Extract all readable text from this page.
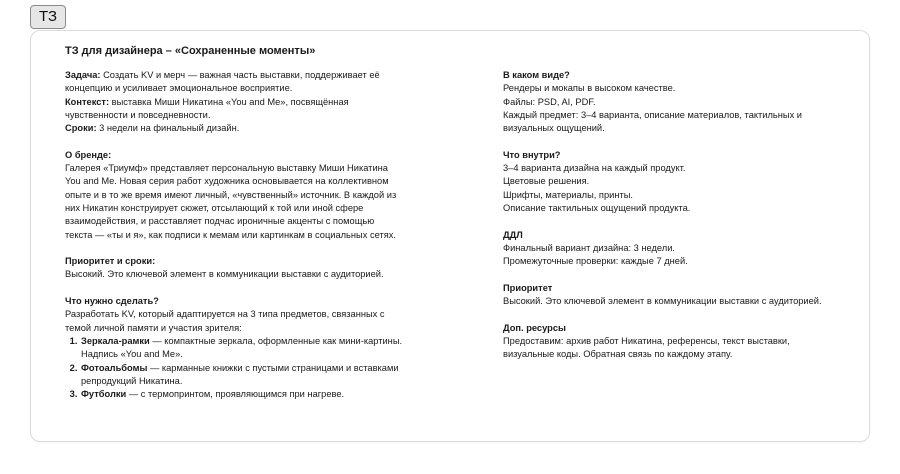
ТЗ
ТЗ для дизайнера – «Сохраненные моменты»
Задача: Создать KV и мерч — важная часть выставки, поддерживает её концепцию и усиливает эмоциональное восприятие.
Контекст: выставка Миши Никатина «You and Me», посвящённая чувственности и повседневности.
Сроки: 3 недели на финальный дизайн.
О бренде:
Галерея «Триумф» представляет персональную выставку Миши Никатина You and Me. Новая серия работ художника основывается на коллективном опыте и в то же время имеют личный, «чувственный» источник. В каждой из них Никатин конструирует сюжет, отсылающий к той или иной сфере взаимодействия, и расставляет подчас ироничные акценты с помощью текста — «ты и я», как подписи к мемам или картинкам в социальных сетях.
Приоритет и сроки:
Высокий. Это ключевой элемент в коммуникации выставки с аудиторией.
Что нужно сделать?
Разработать KV, который адаптируется на 3 типа предметов, связанных с темой личной памяти и участия зрителя:
1. Зеркала-рамки — компактные зеркала, оформленные как мини-картины. Надпись «You and Me».
2. Фотоальбомы — карманные книжки с пустыми страницами и вставками репродукций Никатина.
3. Футболки — с термопринтом, проявляющимся при нагреве.
В каком виде?
Рендеры и мокапы в высоком качестве.
Файлы: PSD, AI, PDF.
Каждый предмет: 3–4 варианта, описание материалов, тактильных и визуальных ощущений.
Что внутри?
3–4 варианта дизайна на каждый продукт.
Цветовые решения.
Шрифты, материалы, принты.
Описание тактильных ощущений продукта.
ДДЛ
Финальный вариант дизайна: 3 недели.
Промежуточные проверки: каждые 7 дней.
Приоритет
Высокий. Это ключевой элемент в коммуникации выставки с аудиторией.
Доп. ресурсы
Предоставим: архив работ Никатина, референсы, текст выставки, визуальные коды. Обратная связь по каждому этапу.
